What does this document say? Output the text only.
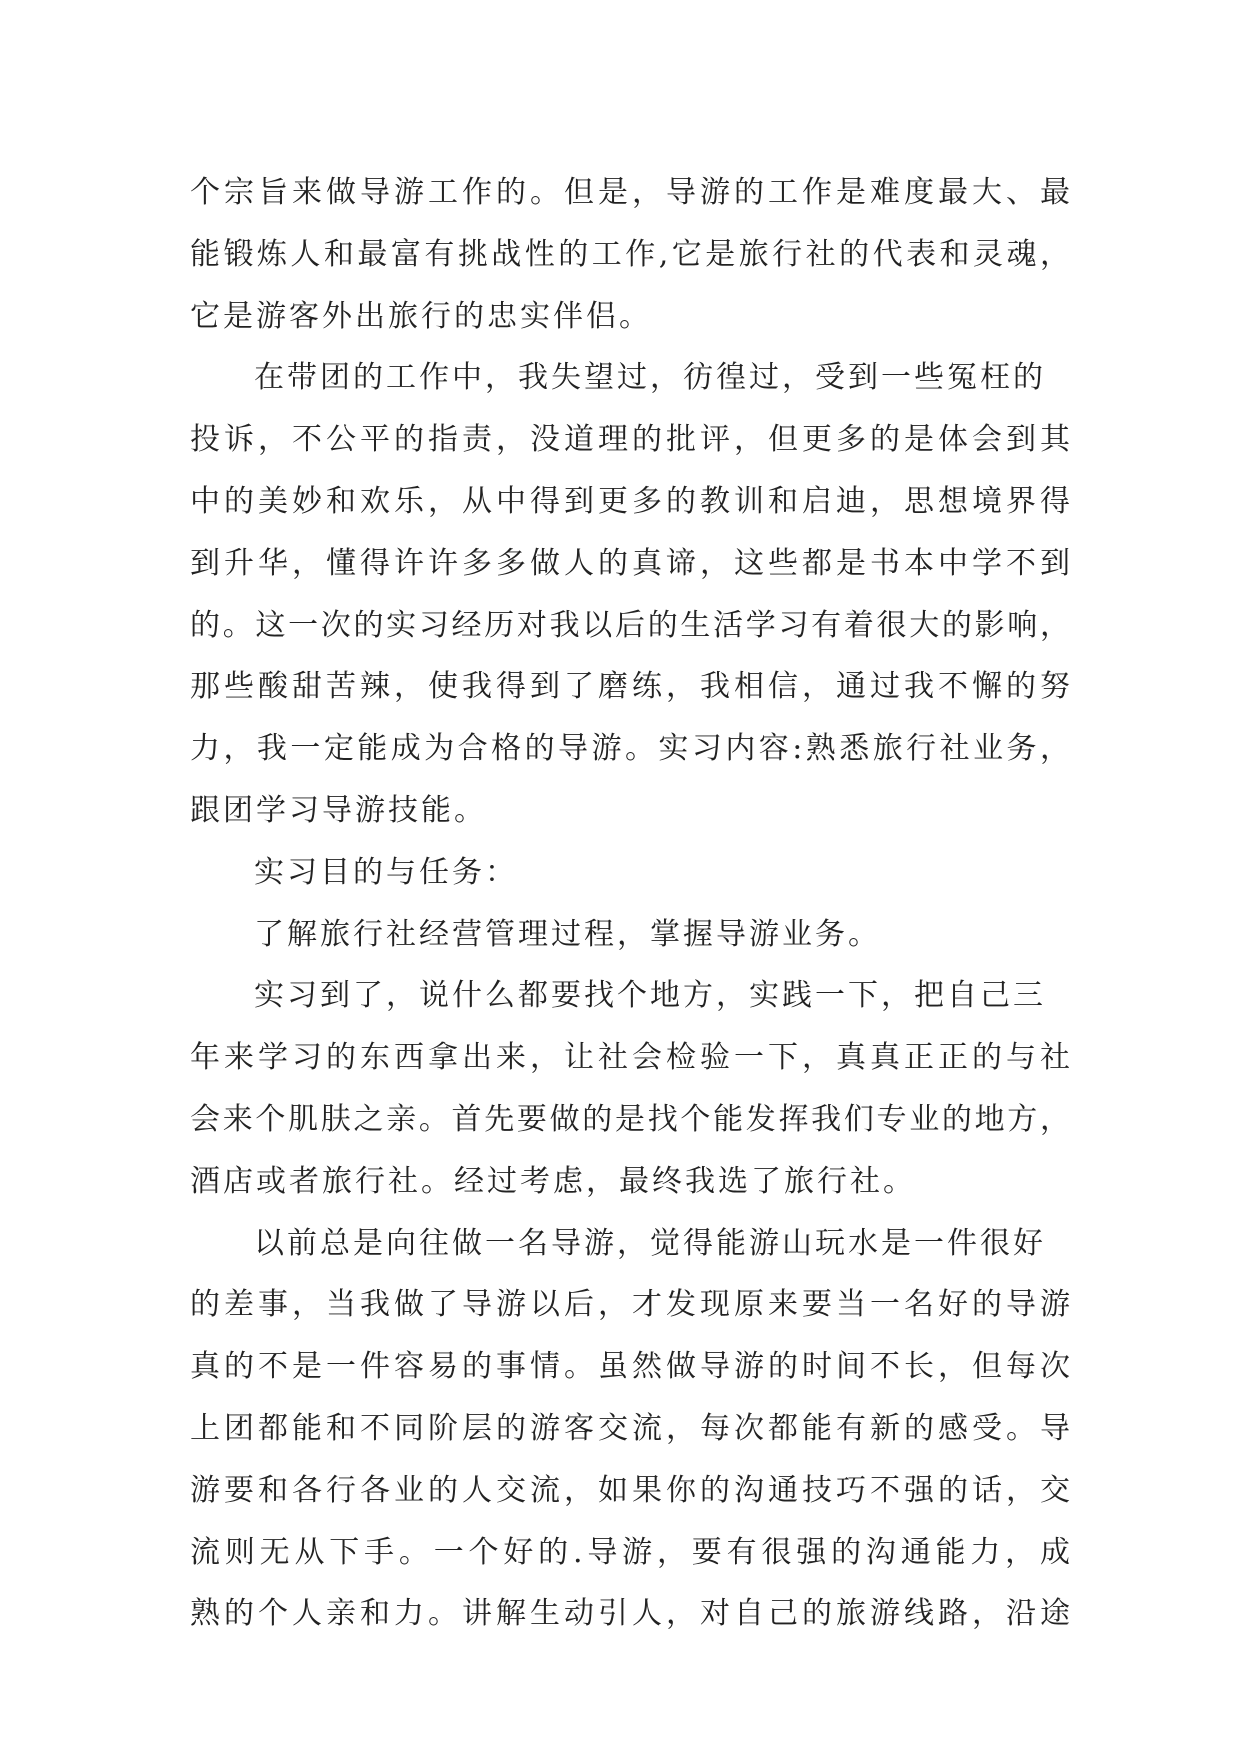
个宗旨来做导游工作的。但是，导游的工作是难度最大、最
能锻炼人和最富有挑战性的工作,它是旅行社的代表和灵魂，
它是游客外出旅行的忠实伴侣。
在带团的工作中，我失望过，彷徨过，受到一些冤枉的
投诉，不公平的指责，没道理的批评，但更多的是体会到其
中的美妙和欢乐，从中得到更多的教训和启迪，思想境界得
到升华，懂得许许多多做人的真谛，这些都是书本中学不到
的。这一次的实习经历对我以后的生活学习有着很大的影响，
那些酸甜苦辣，使我得到了磨练，我相信，通过我不懈的努
力，我一定能成为合格的导游。实习内容:熟悉旅行社业务，
跟团学习导游技能。
实习目的与任务：
了解旅行社经营管理过程，掌握导游业务。
实习到了，说什么都要找个地方，实践一下，把自己三
年来学习的东西拿出来，让社会检验一下，真真正正的与社
会来个肌肤之亲。首先要做的是找个能发挥我们专业的地方，
酒店或者旅行社。经过考虑，最终我选了旅行社。
以前总是向往做一名导游，觉得能游山玩水是一件很好
的差事，当我做了导游以后，才发现原来要当一名好的导游
真的不是一件容易的事情。虽然做导游的时间不长，但每次
上团都能和不同阶层的游客交流，每次都能有新的感受。导
游要和各行各业的人交流，如果你的沟通技巧不强的话，交
流则无从下手。一个好的.导游，要有很强的沟通能力，成
熟的个人亲和力。讲解生动引人，对自己的旅游线路，沿途
